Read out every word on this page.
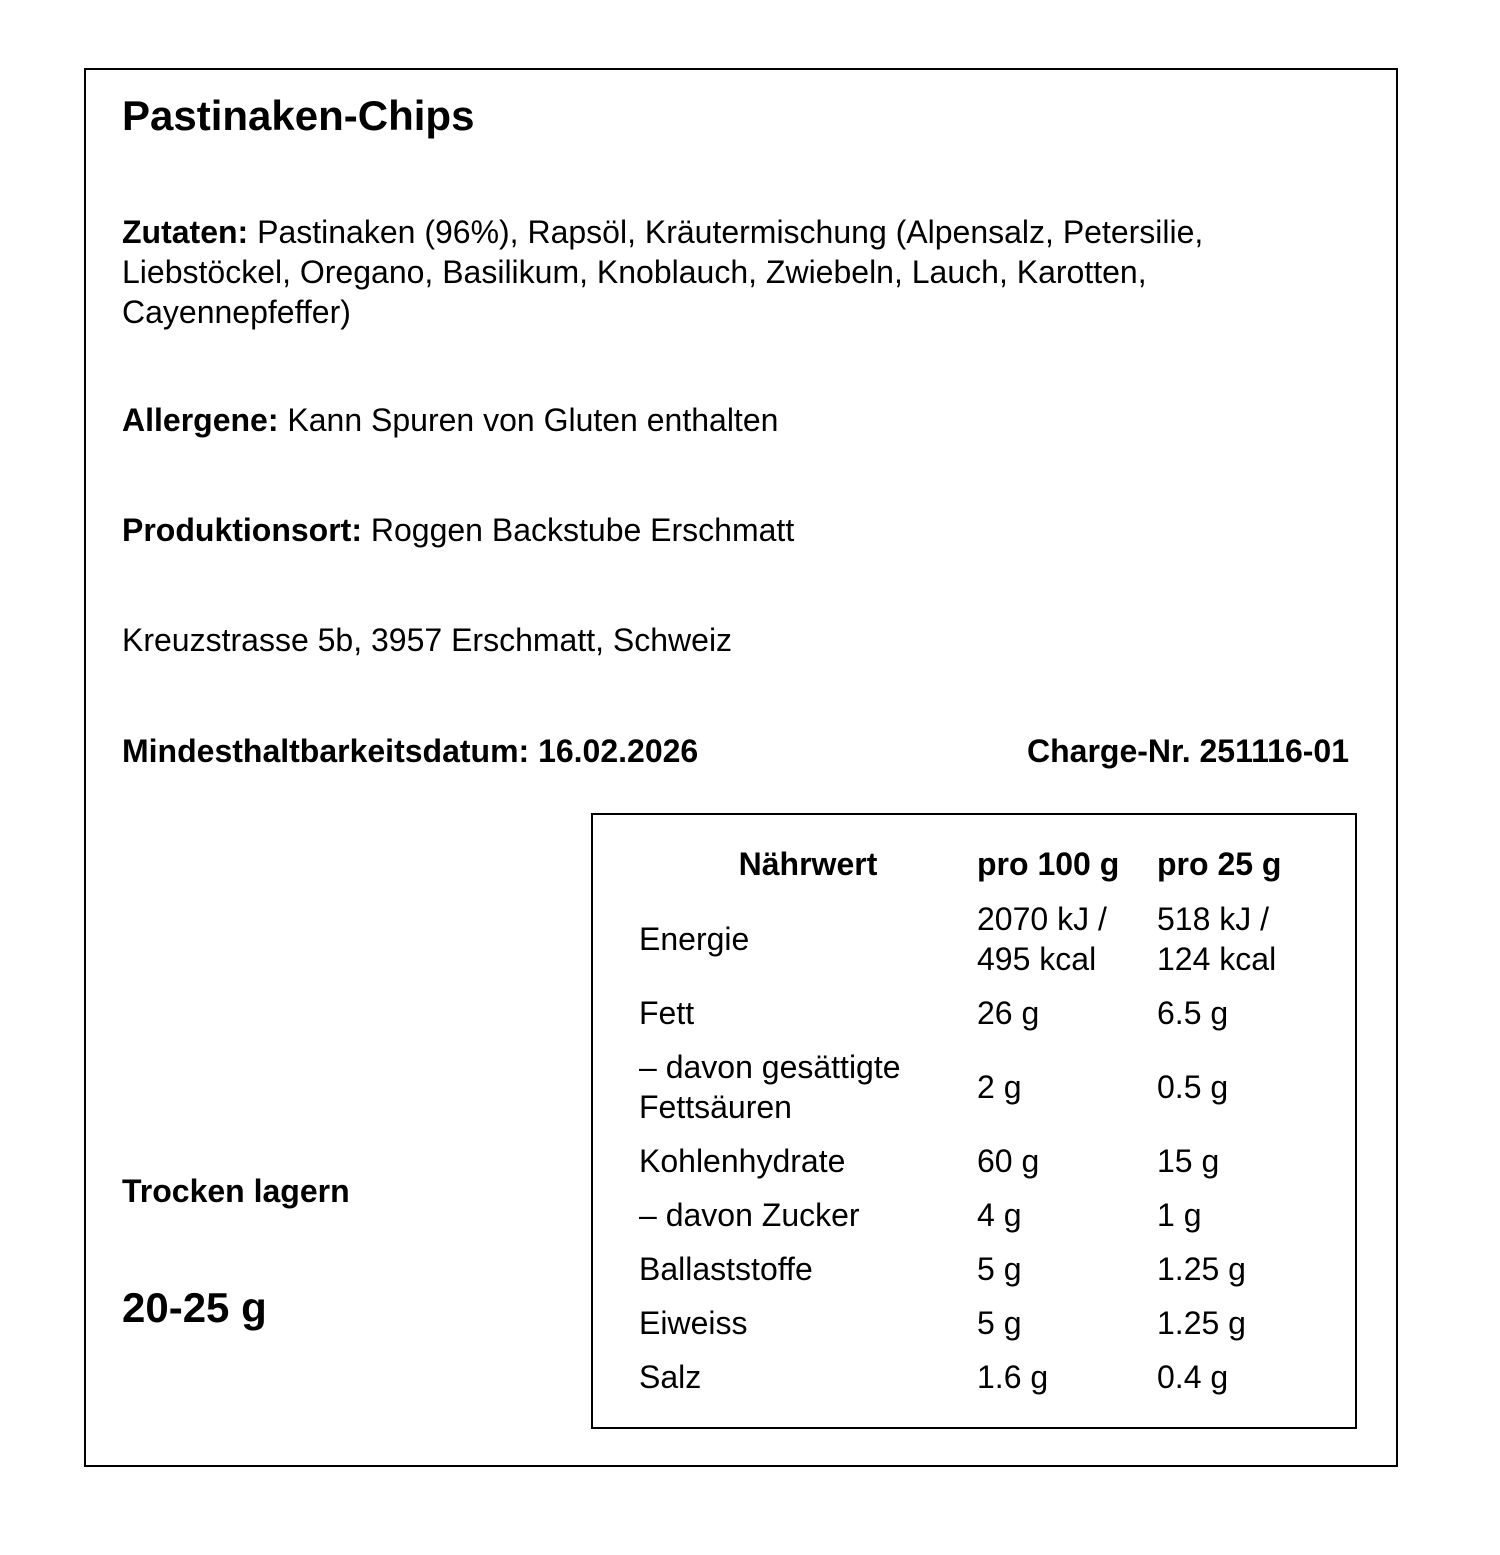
Pastinaken-Chips
Zutaten: Pastinaken (96%), Rapsöl, Kräutermischung (Alpensalz, Petersilie, Liebstöckel, Oregano, Basilikum, Knoblauch, Zwiebeln, Lauch, Karotten, Cayennepfeffer)
Allergene: Kann Spuren von Gluten enthalten
Produktionsort: Roggen Backstube Erschmatt
Kreuzstrasse 5b, 3957 Erschmatt, Schweiz
Mindesthaltbarkeitsdatum: 16.02.2026	Charge-Nr. 251116-01
Trocken lagern
20-25 g
Nährwert	pro 100 g	pro 25 g
Energie	2070 kJ / 495 kcal	518 kJ / 124 kcal
Fett	26 g	6.5 g
– davon gesättigte Fettsäuren	2 g	0.5 g
Kohlenhydrate	60 g	15 g
– davon Zucker	4 g	1 g
Ballaststoffe	5 g	1.25 g
Eiweiss	5 g	1.25 g
Salz	1.6 g	0.4 g
